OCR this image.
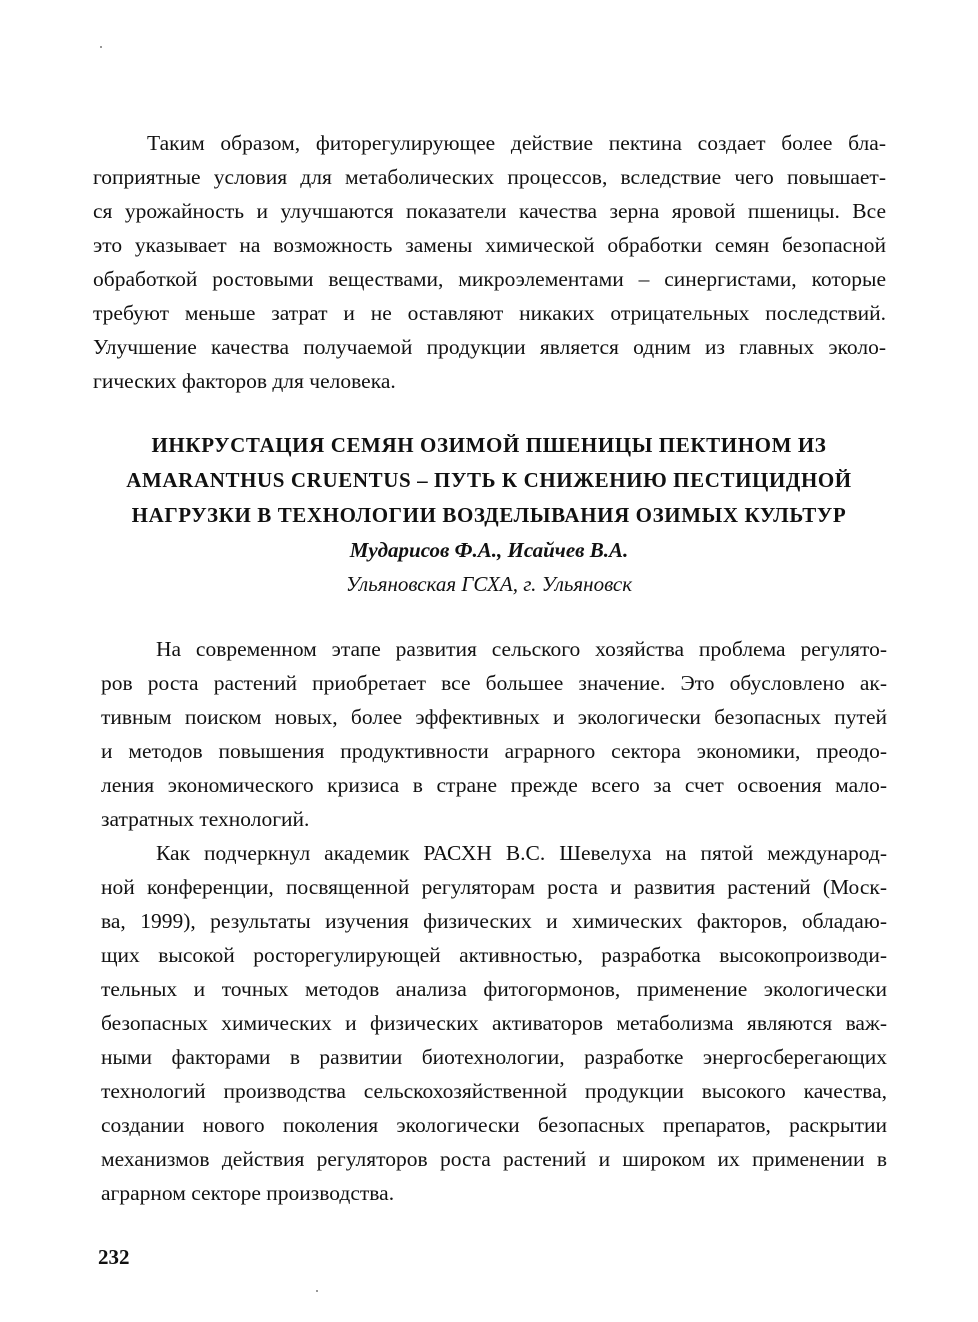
Таким образом, фиторегулирующее действие пектина создает более бла-
гоприятные условия для метаболических процессов, вследствие чего повышает-
ся урожайность и улучшаются показатели качества зерна яровой пшеницы. Все
это указывает на возможность замены химической обработки семян безопасной
обработкой ростовыми веществами, микроэлементами – синергистами, которые
требуют меньше затрат и не оставляют никаких отрицательных последствий.
Улучшение качества получаемой продукции является одним из главных эколо-
гических факторов для человека.
ИНКРУСТАЦИЯ СЕМЯН ОЗИМОЙ ПШЕНИЦЫ ПЕКТИНОМ ИЗ
AMARANTHUS CRUENTUS – ПУТЬ К СНИЖЕНИЮ ПЕСТИЦИДНОЙ
НАГРУЗКИ В ТЕХНОЛОГИИ ВОЗДЕЛЫВАНИЯ ОЗИМЫХ КУЛЬТУР
Мударисов Ф.А., Исайчев В.А.
Ульяновская ГСХА, г. Ульяновск
На современном этапе развития сельского хозяйства проблема регулято-
ров роста растений приобретает все большее значение. Это обусловлено ак-
тивным поиском новых, более эффективных и экологически безопасных путей
и методов повышения продуктивности аграрного сектора экономики, преодо-
ления экономического кризиса в стране прежде всего за счет освоения мало-
затратных технологий.
Как подчеркнул академик РАСХН В.С. Шевелуха на пятой международ-
ной конференции, посвященной регуляторам роста и развития растений (Моск-
ва, 1999), результаты изучения физических и химических факторов, обладаю-
щих высокой росторегулирующей активностью, разработка высокопроизводи-
тельных и точных методов анализа фитогормонов, применение экологически
безопасных химических и физических активаторов метаболизма являются важ-
ными факторами в развитии биотехнологии, разработке энергосберегающих
технологий производства сельскохозяйственной продукции высокого качества,
создании нового поколения экологически безопасных препаратов, раскрытии
механизмов действия регуляторов роста растений и широком их применении в
аграрном секторе производства.
232
